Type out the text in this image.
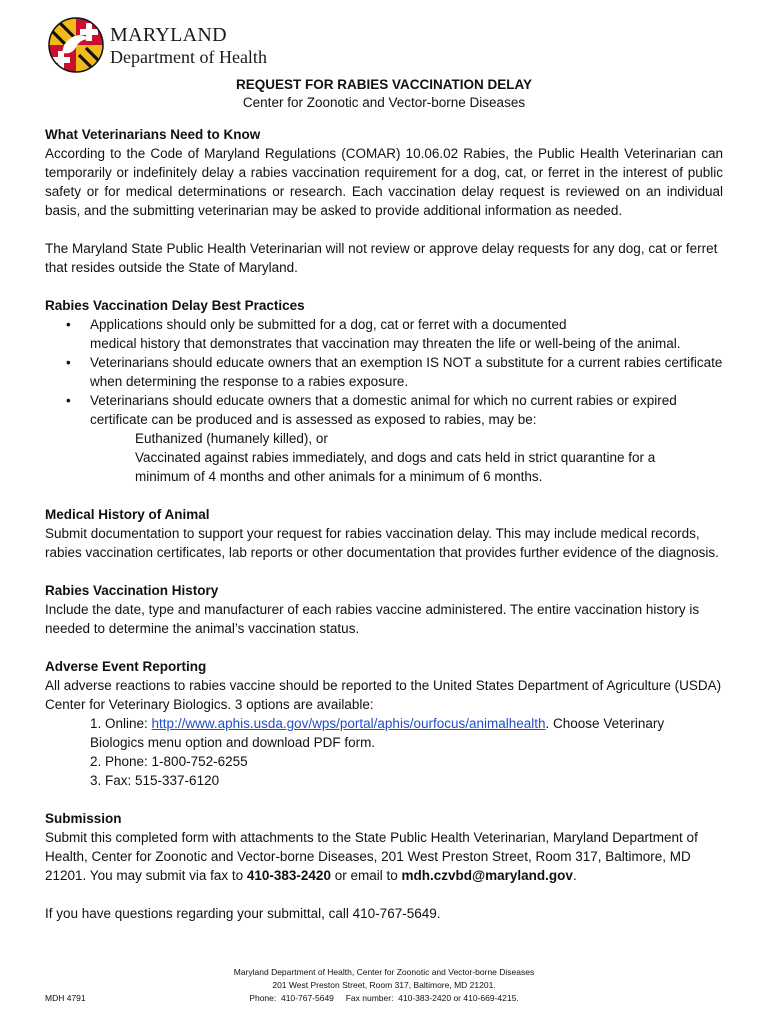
MARYLAND
Department of Health
REQUEST FOR RABIES VACCINATION DELAY
Center for Zoonotic and Vector-borne Diseases

What Veterinarians Need to Know

According to the Code of Maryland Regulations (COMAR) 10.06.02 Rabies, the Public Health Veterinarian can temporarily or indefinitely delay a rabies vaccination requirement for a dog, cat, or ferret in the interest of public safety or for medical determinations or research. Each vaccination delay request is reviewed on an individual basis, and the submitting veterinarian may be asked to provide additional information as needed.

The Maryland State Public Health Veterinarian will not review or approve delay requests for any dog, cat or ferret that resides outside the State of Maryland.

Rabies Vaccination Delay Best Practices

• Applications should only be submitted for a dog, cat or ferret with a documented
medical history that demonstrates that vaccination may threaten the life or well-being of the animal.
• Veterinarians should educate owners that an exemption IS NOT a substitute for a current rabies certificate when determining the response to a rabies exposure.
• Veterinarians should educate owners that a domestic animal for which no current rabies or expired certificate can be produced and is assessed as exposed to rabies, may be:
Euthanized (humanely killed), or
Vaccinated against rabies immediately, and dogs and cats held in strict quarantine for a
minimum of 4 months and other animals for a minimum of 6 months.

Medical History of Animal

Submit documentation to support your request for rabies vaccination delay. This may include medical records, rabies vaccination certificates, lab reports or other documentation that provides further evidence of the diagnosis.

Rabies Vaccination History

Include the date, type and manufacturer of each rabies vaccine administered. The entire vaccination history is needed to determine the animal’s vaccination status.

Adverse Event Reporting

All adverse reactions to rabies vaccine should be reported to the United States Department of Agriculture (USDA) Center for Veterinary Biologics. 3 options are available:

1. Online: http://www.aphis.usda.gov/wps/portal/aphis/ourfocus/animalhealth. Choose Veterinary
Biologics menu option and download PDF form.
2. Phone: 1-800-752-6255
3. Fax: 515-337-6120

Submission

Submit this completed form with attachments to the State Public Health Veterinarian, Maryland Department of Health, Center for Zoonotic and Vector-borne Diseases, 201 West Preston Street, Room 317, Baltimore, MD 21201. You may submit via fax to 410-383-2420 or email to mdh.czvbd@maryland.gov.

If you have questions regarding your submittal, call 410-767-5649.

Maryland Department of Health, Center for Zoonotic and Vector-borne Diseases
201 West Preston Street, Room 317, Baltimore, MD 21201.
Phone:  410-767-5649     Fax number:  410-383-2420 or 410-669-4215.
MDH 4791
